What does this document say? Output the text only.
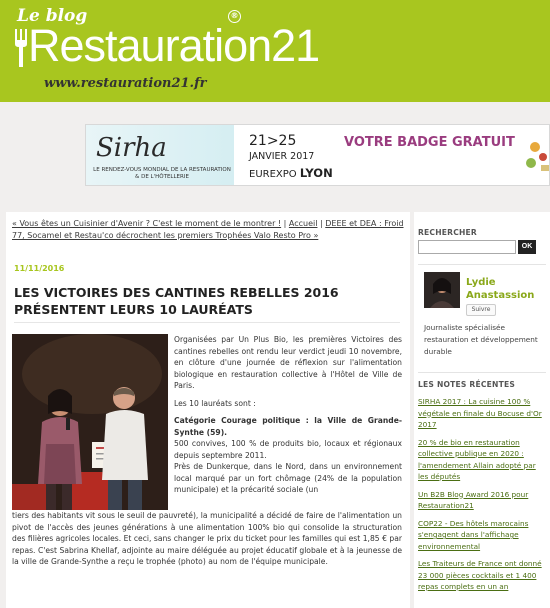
Le blog
Restauration21
®
www.restauration21.fr
Sirha
LE RENDEZ-VOUS MONDIAL DE LA RESTAURATION & DE L'HÔTELLERIE
21>25
JANVIER 2017
EUREXPO LYON
VOTRE BADGE GRATUIT
« Vous êtes un Cuisinier d'Avenir ? C'est le moment de le montrer ! | Accueil | DEEE et DEA : Froid 77, Socamel et Restau'co décrochent les premiers Trophées Valo Resto Pro »
11/11/2016
LES VICTOIRES DES CANTINES REBELLES 2016 PRÉSENTENT LEURS 10 LAURÉATS

Organisées par Un Plus Bio, les premières Victoires des cantines rebelles ont rendu leur verdict jeudi 10 novembre, en clôture d'une journée de réflexion sur l'alimentation biologique en restauration collective à l'Hôtel de Ville de Paris.

Les 10 lauréats sont :

Catégorie Courage politique : la Ville de Grande-Synthe (59).

500 convives, 100 % de produits bio, locaux et régionaux depuis septembre 2011.
Près de Dunkerque, dans le Nord, dans un environnement local marqué par un fort chômage (24% de la population municipale) et la précarité sociale (un
tiers des habitants vit sous le seuil de pauvreté), la municipalité a décidé de faire de l'alimentation un pivot de l'accès des jeunes générations à une alimentation 100% bio qui consolide la structuration des filières agricoles locales. Et ceci, sans changer le prix du ticket pour les familles qui est 1,85 € par repas. C'est Sabrina Khellaf, adjointe au maire déléguée au projet éducatif globale et à la jeunesse de la ville de Grande-Synthe a reçu le trophée (photo) au nom de l'équipe municipale.
RECHERCHER
OK
Lydie
Anastassion
Suivre
Journaliste spécialisée restauration et développement durable
LES NOTES RÉCENTES
SIRHA 2017 : La cuisine 100 % végétale en finale du Bocuse d'Or 2017
20 % de bio en restauration collective publique en 2020 : l'amendement Allain adopté par les députés
Un B2B Blog Award 2016 pour Restauration21
COP22 - Des hôtels marocains s'engagent dans l'affichage environnemental
Les Traiteurs de France ont donné 23 000 pièces cocktails et 1 400 repas complets en un an
